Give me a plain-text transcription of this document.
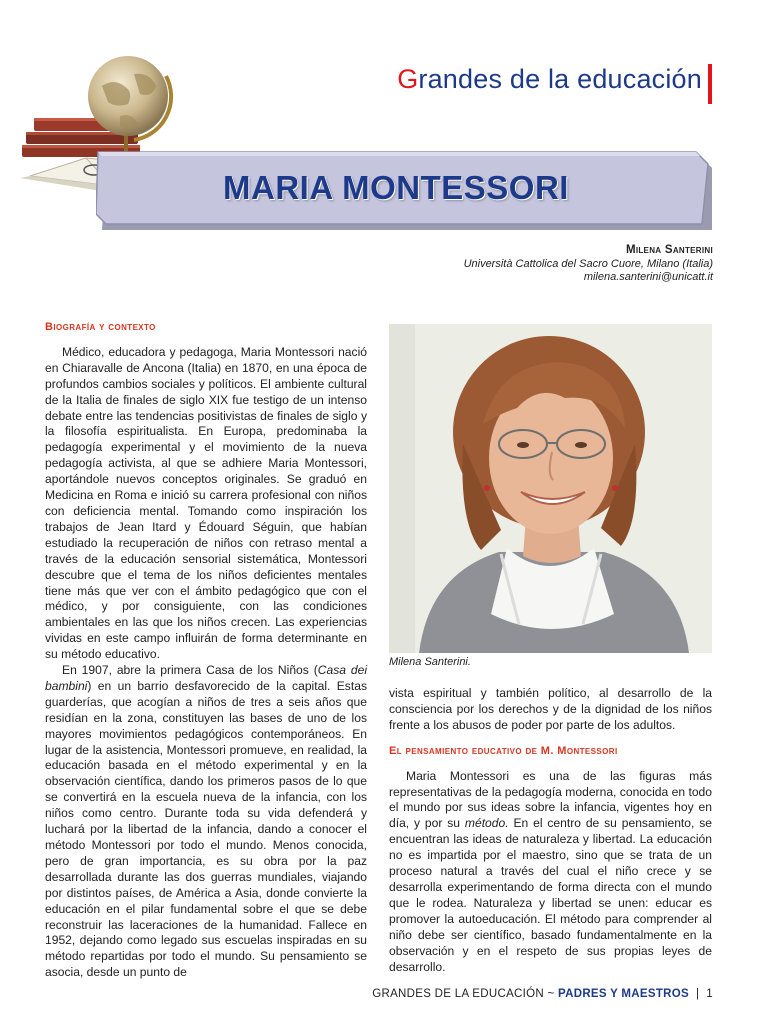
Grandes de la educación
MARIA MONTESSORI
Milena Santerini
Università Cattolica del Sacro Cuore, Milano (Italia)
milena.santerini@unicatt.it
Biografía y contexto

Médico, educadora y pedagoga, Maria Montessori nació en Chiaravalle de Ancona (Italia) en 1870, en una época de profundos cambios sociales y políticos. El ambiente cultural de la Italia de finales de siglo XIX fue testigo de un intenso debate entre las tendencias positivistas de finales de siglo y la filosofía espiritualista. En Europa, predominaba la pedagogía experimental y el movimiento de la nueva pedagogía activista, al que se adhiere Maria Montessori, aportándole nuevos conceptos originales. Se graduó en Medicina en Roma e inició su carrera profesional con niños con deficiencia mental. Tomando como inspiración los trabajos de Jean Itard y Édouard Séguin, que habían estudiado la recuperación de niños con retraso mental a través de la educación sensorial sistemática, Montessori descubre que el tema de los niños deficientes mentales tiene más que ver con el ámbito pedagógico que con el médico, y por consiguiente, con las condiciones ambientales en las que los niños crecen. Las experiencias vividas en este campo influirán de forma determinante en su método educativo.

En 1907, abre la primera Casa de los Niños (Casa dei bambini) en un barrio desfavorecido de la capital. Estas guarderías, que acogían a niños de tres a seis años que residían en la zona, constituyen las bases de uno de los mayores movimientos pedagógicos contemporáneos. En lugar de la asistencia, Montessori promueve, en realidad, la educación basada en el método experimental y en la observación científica, dando los primeros pasos de lo que se convertirá en la escuela nueva de la infancia, con los niños como centro. Durante toda su vida defenderá y luchará por la libertad de la infancia, dando a conocer el método Montessori por todo el mundo. Menos conocida, pero de gran importancia, es su obra por la paz desarrollada durante las dos guerras mundiales, viajando por distintos países, de América a Asia, donde convierte la educación en el pilar fundamental sobre el que se debe reconstruir las laceraciones de la humanidad. Fallece en 1952, dejando como legado sus escuelas inspiradas en su método repartidas por todo el mundo. Su pensamiento se asocia, desde un punto de

Milena Santerini.

vista espiritual y también político, al desarrollo de la consciencia por los derechos y de la dignidad de los niños frente a los abusos de poder por parte de los adultos.

El pensamiento educativo de M. Montessori

Maria Montessori es una de las figuras más representativas de la pedagogía moderna, conocida en todo el mundo por sus ideas sobre la infancia, vigentes hoy en día, y por su método. En el centro de su pensamiento, se encuentran las ideas de naturaleza y libertad. La educación no es impartida por el maestro, sino que se trata de un proceso natural a través del cual el niño crece y se desarrolla experimentando de forma directa con el mundo que le rodea. Naturaleza y libertad se unen: educar es promover la autoeducación. El método para comprender al niño debe ser científico, basado fundamentalmente en la observación y en el respeto de sus propias leyes de desarrollo.

GRANDES DE LA EDUCACIÓN ~ PADRES Y MAESTROS | 1
